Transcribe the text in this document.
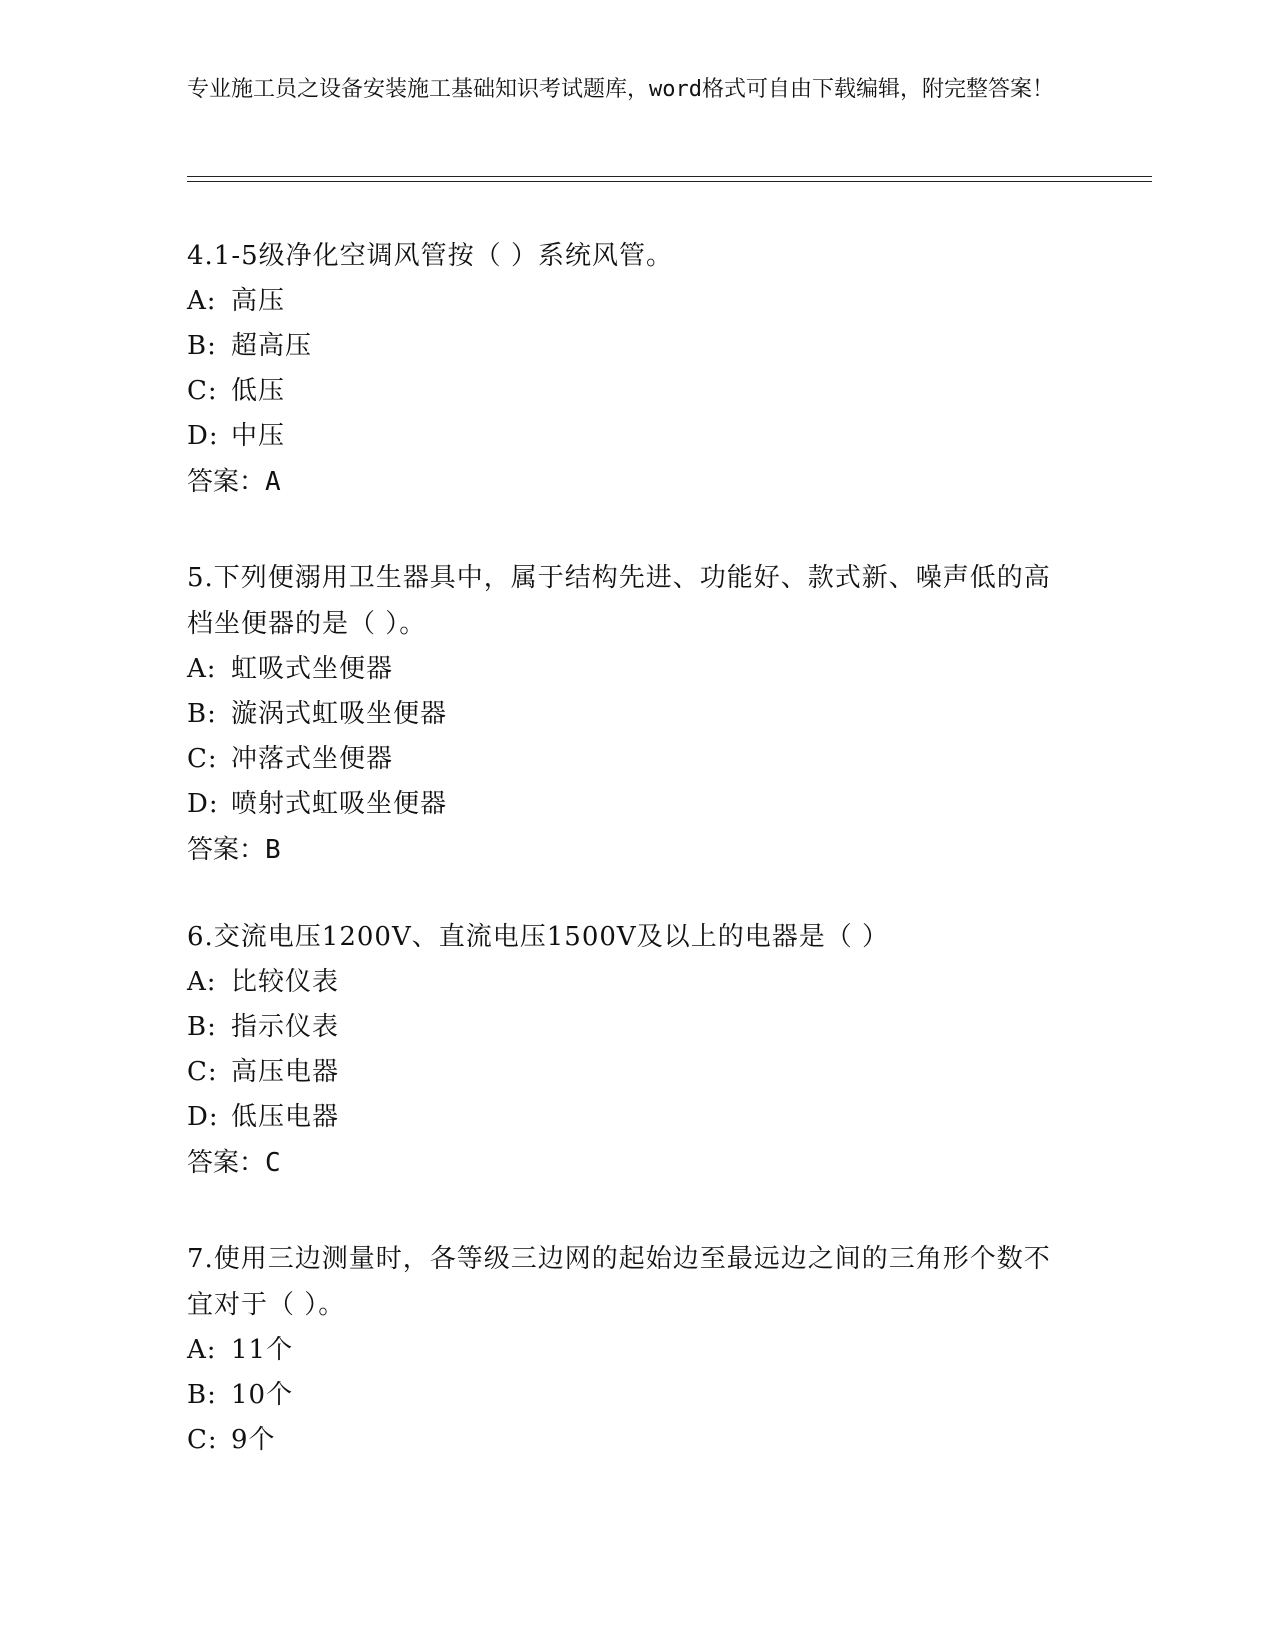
专业施工员之设备安装施工基础知识考试题库，word格式可自由下载编辑，附完整答案！

4.1-5级净化空调风管按（ ）系统风管。

A: 高压

B: 超高压

C: 低压

D: 中压

答案：A

5.下列便溺用卫生器具中，属于结构先进、功能好、款式新、噪声低的高档坐便器的是（ ）。

A: 虹吸式坐便器

B: 漩涡式虹吸坐便器

C: 冲落式坐便器

D: 喷射式虹吸坐便器

答案：B

6.交流电压1200V、直流电压1500V及以上的电器是（ ）

A: 比较仪表

B: 指示仪表

C: 高压电器

D: 低压电器

答案：C

7.使用三边测量时，各等级三边网的起始边至最远边之间的三角形个数不宜对于（ ）。

A: 11个

B: 10个

C: 9个
